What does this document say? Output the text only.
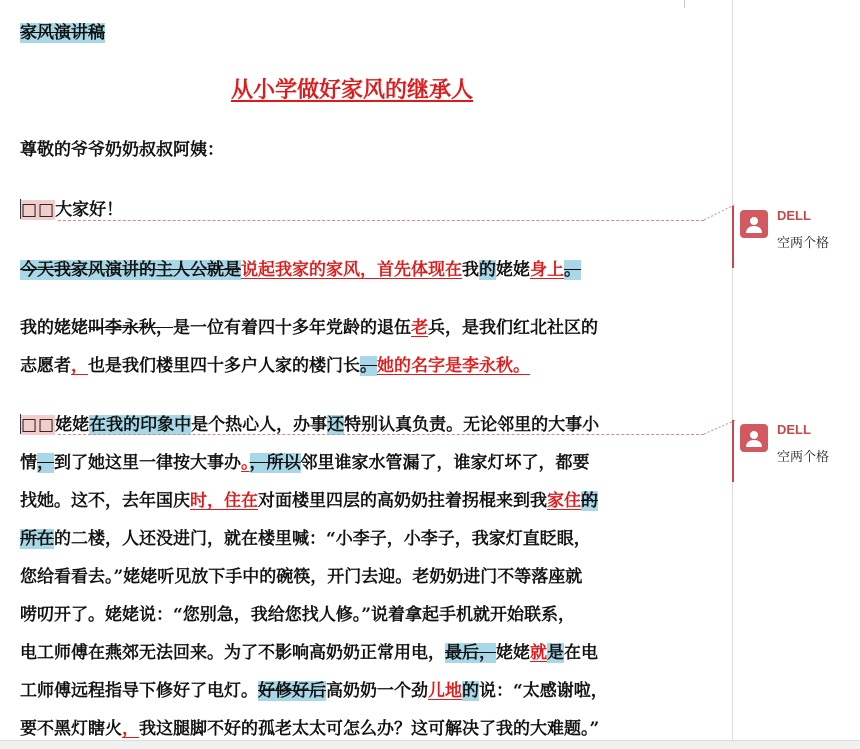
家风演讲稿
从小学做好家风的继承人
尊敬的爷爷奶奶叔叔阿姨：
□□大家好！
今天我家风演讲的主人公就是说起我家的家风，首先体现在我的姥姥身上。
我的姥姥叫李永秋，是一位有着四十多年党龄的退伍老兵，是我们红北社区的
志愿者，也是我们楼里四十多户人家的楼门长。她的名字是李永秋。
□□姥姥在我的印象中是个热心人，办事还特别认真负责。无论邻里的大事小
情，到了她这里一律按大事办。，所以邻里谁家水管漏了，谁家灯坏了，都要
找她。这不，去年国庆时，住在对面楼里四层的高奶奶拄着拐棍来到我家住的
所在的二楼，人还没进门，就在楼里喊：“小李子，小李子，我家灯直眨眼，
您给看看去。”姥姥听见放下手中的碗筷，开门去迎。老奶奶进门不等落座就
唠叨开了。姥姥说：“您别急，我给您找人修。”说着拿起手机就开始联系，
电工师傅在燕郊无法回来。为了不影响高奶奶正常用电，最后，姥姥就是在电
工师傅远程指导下修好了电灯。好修好后高奶奶一个劲儿地的说：“太感谢啦，
要不黑灯瞎火，我这腿脚不好的孤老太太可怎么办？这可解决了我的大难题。”
DELL
空两个格
DELL
空两个格
